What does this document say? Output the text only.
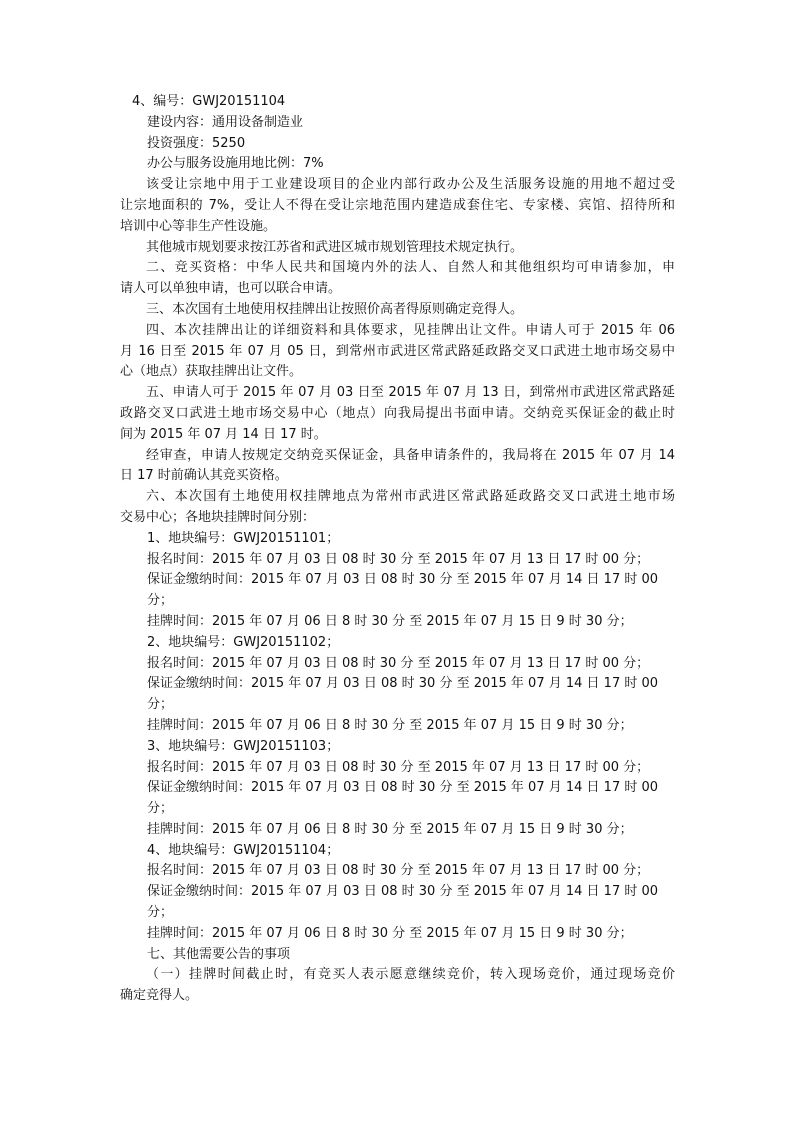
4、编号：GWJ20151104
建设内容：通用设备制造业
投资强度：5250
办公与服务设施用地比例：7%
该受让宗地中用于工业建设项目的企业内部行政办公及生活服务设施的用地不超过受
让宗地面积的 7%，受让人不得在受让宗地范围内建造成套住宅、专家楼、宾馆、招待所和
培训中心等非生产性设施。
其他城市规划要求按江苏省和武进区城市规划管理技术规定执行。
二、竞买资格：中华人民共和国境内外的法人、自然人和其他组织均可申请参加，申
请人可以单独申请，也可以联合申请。
三、本次国有土地使用权挂牌出让按照价高者得原则确定竞得人。
四、本次挂牌出让的详细资料和具体要求，见挂牌出让文件。申请人可于 2015 年 06
月 16 日至 2015 年 07 月 05 日，到常州市武进区常武路延政路交叉口武进土地市场交易中
心（地点）获取挂牌出让文件。
五、申请人可于 2015 年 07 月 03 日至 2015 年 07 月 13 日，到常州市武进区常武路延
政路交叉口武进土地市场交易中心（地点）向我局提出书面申请。交纳竞买保证金的截止时
间为 2015 年 07 月 14 日 17 时。
经审查，申请人按规定交纳竞买保证金，具备申请条件的，我局将在 2015 年 07 月 14
日 17 时前确认其竞买资格。
六、本次国有土地使用权挂牌地点为常州市武进区常武路延政路交叉口武进土地市场
交易中心；各地块挂牌时间分别：
1、地块编号：GWJ20151101；
报名时间：2015 年 07 月 03 日 08 时 30 分 至 2015 年 07 月 13 日 17 时 00 分；
保证金缴纳时间：2015 年 07 月 03 日 08 时 30 分 至 2015 年 07 月 14 日 17 时 00
分；
挂牌时间：2015 年 07 月 06 日 8 时 30 分 至 2015 年 07 月 15 日 9 时 30 分；
2、地块编号：GWJ20151102；
报名时间：2015 年 07 月 03 日 08 时 30 分 至 2015 年 07 月 13 日 17 时 00 分；
保证金缴纳时间：2015 年 07 月 03 日 08 时 30 分 至 2015 年 07 月 14 日 17 时 00
分；
挂牌时间：2015 年 07 月 06 日 8 时 30 分 至 2015 年 07 月 15 日 9 时 30 分；
3、地块编号：GWJ20151103；
报名时间：2015 年 07 月 03 日 08 时 30 分 至 2015 年 07 月 13 日 17 时 00 分；
保证金缴纳时间：2015 年 07 月 03 日 08 时 30 分 至 2015 年 07 月 14 日 17 时 00
分；
挂牌时间：2015 年 07 月 06 日 8 时 30 分 至 2015 年 07 月 15 日 9 时 30 分；
4、地块编号：GWJ20151104；
报名时间：2015 年 07 月 03 日 08 时 30 分 至 2015 年 07 月 13 日 17 时 00 分；
保证金缴纳时间：2015 年 07 月 03 日 08 时 30 分 至 2015 年 07 月 14 日 17 时 00
分；
挂牌时间：2015 年 07 月 06 日 8 时 30 分 至 2015 年 07 月 15 日 9 时 30 分；
七、其他需要公告的事项
（一）挂牌时间截止时，有竞买人表示愿意继续竞价，转入现场竞价，通过现场竞价
确定竞得人。
